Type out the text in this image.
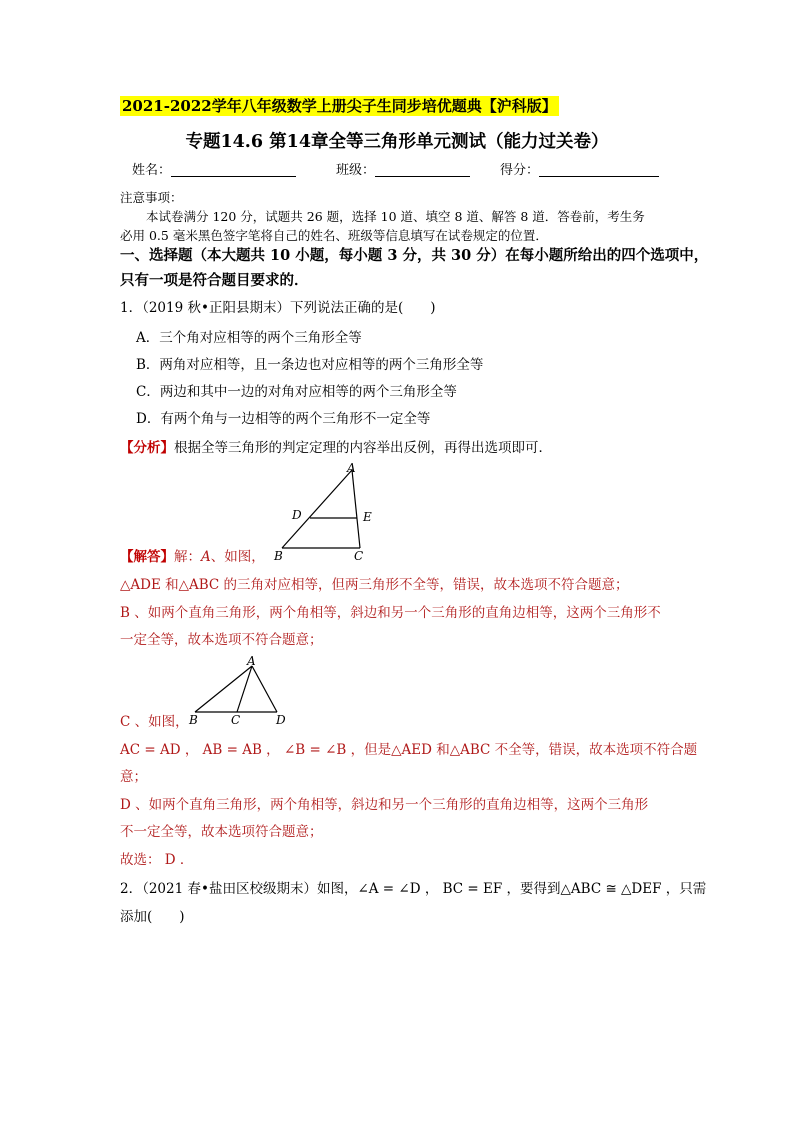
2021-2022学年八年级数学上册尖子生同步培优题典【沪科版】
专题14.6 第14章全等三角形单元测试（能力过关卷）
姓名：	班级：	得分：
注意事项：
本试卷满分 120 分，试题共 26 题，选择 10 道、填空 8 道、解答 8 道．答卷前，考生务
必用 0.5 毫米黑色签字笔将自己的姓名、班级等信息填写在试卷规定的位置．
一、选择题（本大题共 10 小题，每小题 3 分，共 30 分）在每小题所给出的四个选项中，
只有一项是符合题目要求的．
1．（2019 秋•正阳县期末）下列说法正确的是(　　)
A．三个角对应相等的两个三角形全等
B．两角对应相等，且一条边也对应相等的两个三角形全等
C．两边和其中一边的对角对应相等的两个三角形全等
D．有两个角与一边相等的两个三角形不一定全等
【分析】根据全等三角形的判定定理的内容举出反例，再得出选项即可．
A
D	E
B	C
【解答】解：A、如图，
△ADE 和△ABC 的三角对应相等，但两三角形不全等，错误，故本选项不符合题意；
B 、如两个直角三角形，两个角相等，斜边和另一个三角形的直角边相等，这两个三角形不
一定全等，故本选项不符合题意；
A
B	C	D
C 、如图，
AC = AD ， AB = AB ， ∠B = ∠B ，但是△AED 和△ABC 不全等，错误，故本选项不符合题
意；
D 、如两个直角三角形，两个角相等，斜边和另一个三角形的直角边相等，这两个三角形
不一定全等，故本选项符合题意；
故选： D ．
2．（2021 春•盐田区校级期末）如图，∠A = ∠D ， BC = EF ，要得到△ABC ≅ △DEF ，只需
添加(　　)
